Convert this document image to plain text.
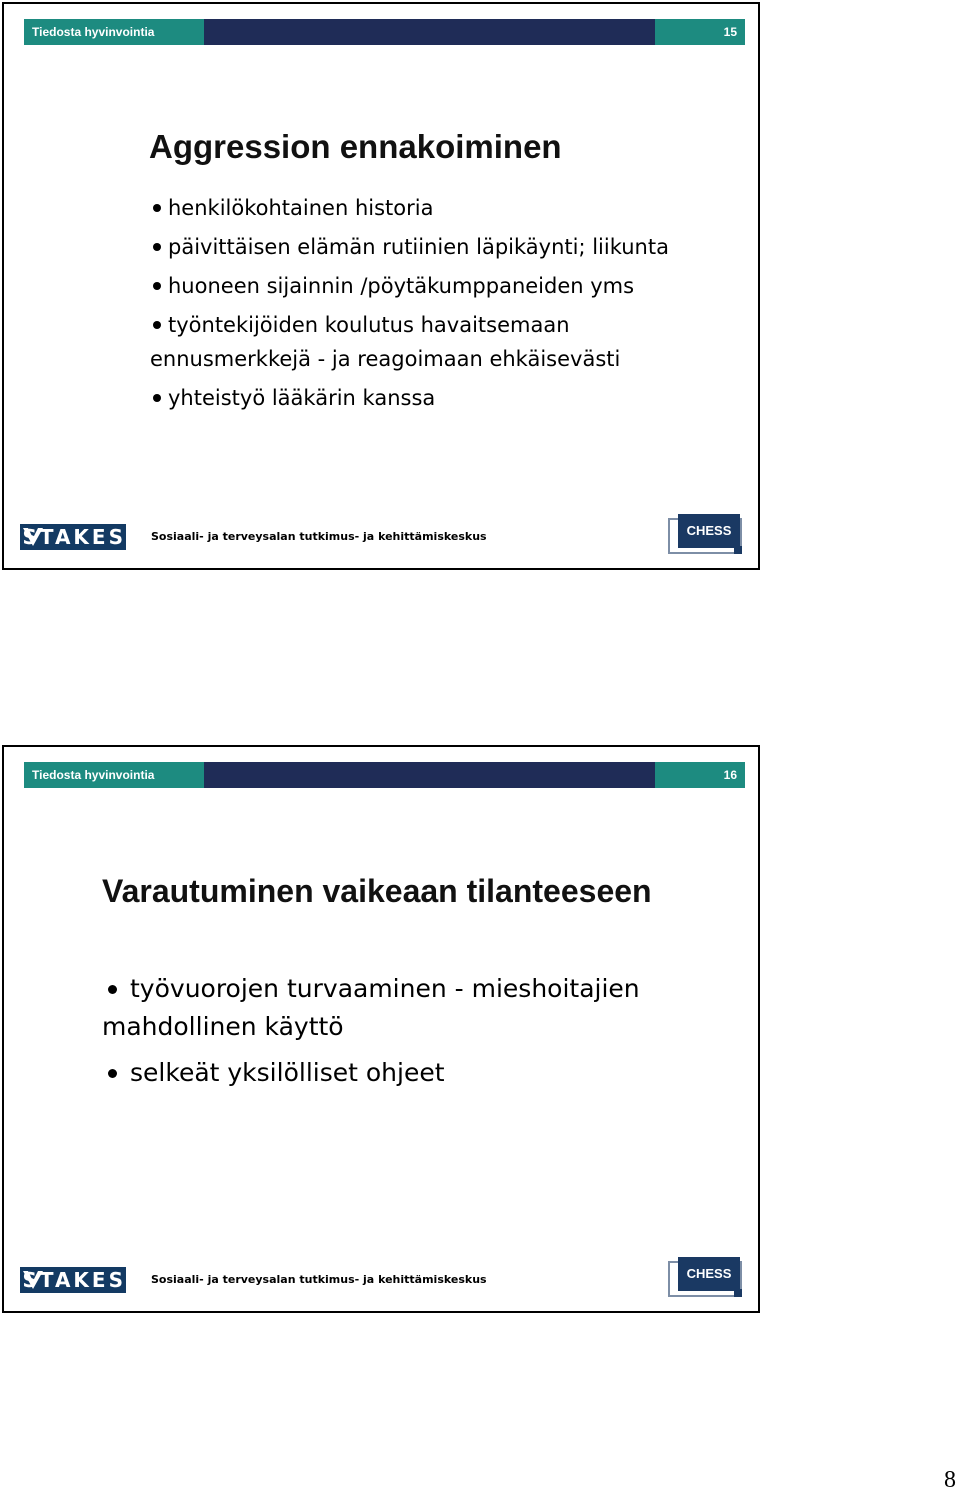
Tiedosta hyvinvointia	15
Aggression ennakoiminen
henkilökohtainen historia
päivittäisen elämän rutiinien läpikäynti; liikunta
huoneen sijainnin /pöytäkumppaneiden yms
työntekijöiden koulutus havaitsemaan
ennusmerkkejä - ja reagoimaan ehkäisevästi
yhteistyö lääkärin kanssa
STAKES Sosiaali- ja terveysalan tutkimus- ja kehittämiskeskus	CHESS
Tiedosta hyvinvointia	16
Varautuminen vaikeaan tilanteeseen
työvuorojen turvaaminen - mieshoitajien
mahdollinen käyttö
selkeät yksilölliset ohjeet
STAKES Sosiaali- ja terveysalan tutkimus- ja kehittämiskeskus	CHESS
8
